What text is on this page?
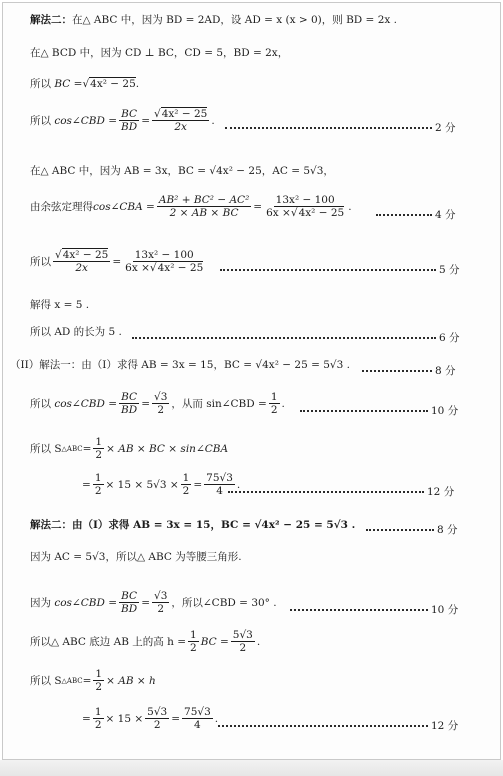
解法二： 在△ ABC 中，因为 BD = 2AD，设 AD = x (x > 0)，则 BD = 2x .
在△ BCD 中，因为 CD ⊥ BC，CD = 5，BD = 2x，
所以
BC = √ 4x² − 25 .
所以
cos∠CBD = $\frac{BC}{BD} = \frac{\text{√4x² − 25}}{2x}$ .
2 分
在△ ABC 中，因为 AB = 3x，BC = √4x² − 25，AC = 5√3，
由余弦定理得 cos∠CBA = $\frac{\text{AB² + BC² − AC²}}{2 \times AB \times BC} = \frac{\text{13x² − 100}}{\text{6x ×√4x² − 25}}$ .
4 分
所以 $\frac{\text{√4x² − 25}}{2x} = \frac{\text{13x² − 100}}{\text{6x ×√4x² − 25}}$	5 分
解得 x = 5 .
所以 AD 的长为 5 .	6 分
（II） 解法一：由（I）求得 AB = 3x = 15，BC = √4x² − 25 = 5√3 .	8 分
所以
cos∠CBD = $\frac{BC}{BD} = \frac{√3}{2}$ ，从而 sin∠CBD = $\frac{1}{2}$ .
10 分
所以 S △ABC = $\frac{1}{2}$ × AB × BC × sin∠CBA
= $\frac{1}{2} \times 15 \times 5√3 \times \frac{1}{2} = \frac{75√3}{4}$ .
12 分
解法二：由（I）求得 AB = 3x = 15，BC = √4x² − 25 = 5√3 .	8 分
因为 AC = 5√3，所以△ ABC 为等腰三角形.
因为
cos∠CBD = $\frac{BC}{BD} = \frac{√3}{2}$ ，所以∠CBD = 30° .
10 分
所以△ ABC 底边 AB 上的高 $h = \frac{1}{2}$ BC = $\frac{5√3}{2}$ .
所以 S △ABC = $\frac{1}{2}$ × AB × h
= $\frac{1}{2} \times 15 \times \frac{5√3}{2} = \frac{75√3}{4}$ .
12 分
